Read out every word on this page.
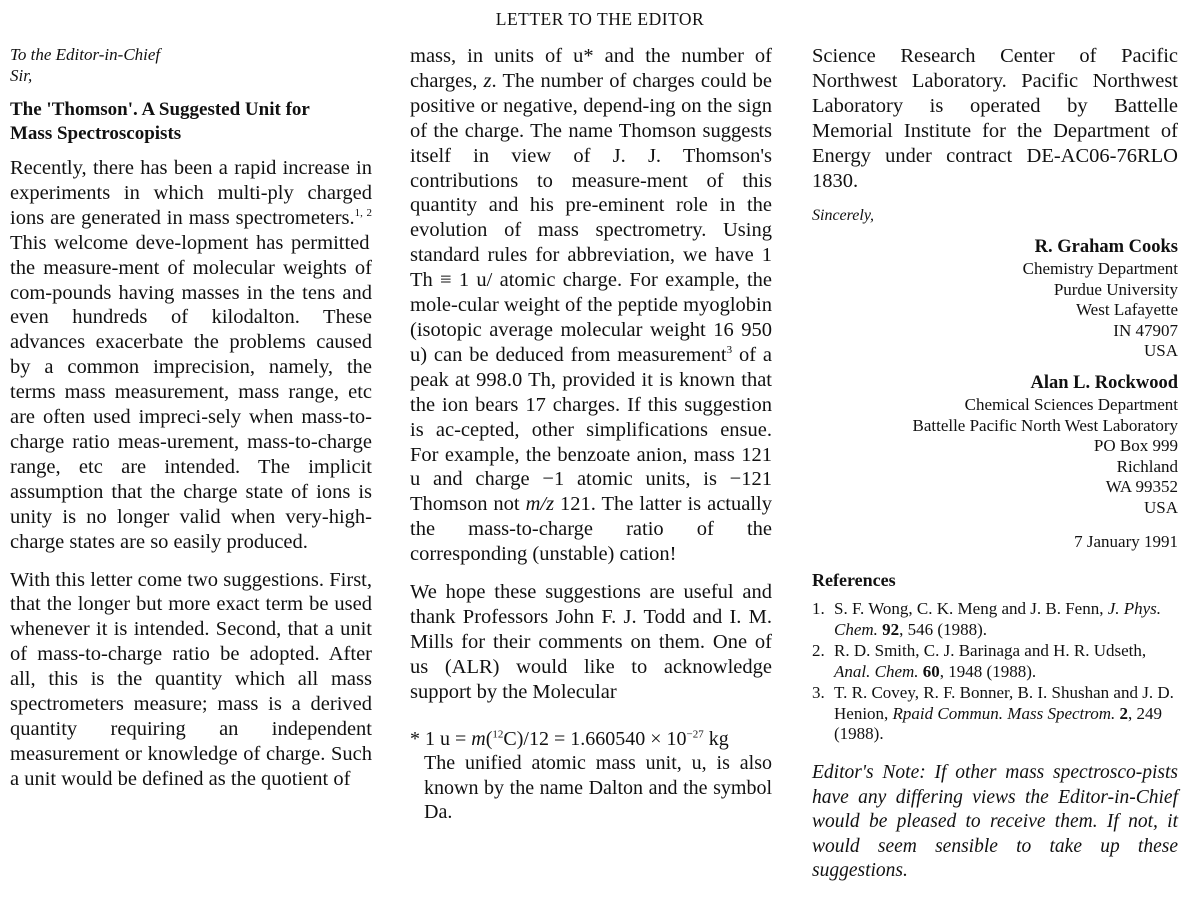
LETTER TO THE EDITOR

To the Editor-in-Chief

Sir,

The 'Thomson'. A Suggested Unit for
Mass Spectroscopists

Recently, there has been a rapid increase in experiments in which multi-ply charged ions are generated in mass spectrometers.$^{1, 2}$ This welcome deve-lopment has permitted the measure-ment of molecular weights of com-pounds having masses in the tens and even hundreds of kilodalton. These advances exacerbate the problems caused by a common imprecision, namely, the terms mass measurement, mass range, etc are often used impreci-sely when mass-to-charge ratio meas-urement, mass-to-charge range, etc are intended. The implicit assumption that the charge state of ions is unity is no longer valid when very-high-charge states are so easily produced.

With this letter come two suggestions. First, that the longer but more exact term be used whenever it is intended. Second, that a unit of mass-to-charge ratio be adopted. After all, this is the quantity which all mass spectrometers measure; mass is a derived quantity requiring an independent measurement or knowledge of charge. Such a unit would be defined as the quotient of

mass, in units of u* and the number of charges, z. The number of charges could be positive or negative, depend-ing on the sign of the charge. The name Thomson suggests itself in view of J. J. Thomson's contributions to measure-ment of this quantity and his pre-eminent role in the evolution of mass spectrometry. Using standard rules for abbreviation, we have 1 Th ≡ 1 u/ atomic charge. For example, the mole-cular weight of the peptide myoglobin (isotopic average molecular weight 16 950 u) can be deduced from measurement$^3$ of a peak at 998.0 Th, provided it is known that the ion bears 17 charges. If this suggestion is ac-cepted, other simplifications ensue. For example, the benzoate anion, mass 121 u and charge −1 atomic units, is −121 Thomson not m/z 121. The latter is actually the mass-to-charge ratio of the corresponding (unstable) cation!

We hope these suggestions are useful and thank Professors John F. J. Todd and I. M. Mills for their comments on them. One of us (ALR) would like to acknowledge support by the Molecular

* 1 $u = m(^{12}C)/12 = 1.660540 \times 10^{-27}$ kg
The unified atomic mass unit, u, is also known by the name Dalton and the symbol Da.

Science Research Center of Pacific Northwest Laboratory. Pacific Northwest Laboratory is operated by Battelle Memorial Institute for the Department of Energy under contract DE-AC06-76RLO 1830.

Sincerely,
R. Graham Cooks
Chemistry Department
Purdue University
West Lafayette
IN 47907
USA
Alan L. Rockwood
Chemical Sciences Department
Battelle Pacific North West Laboratory
PO Box 999
Richland
WA 99352
USA
7 January 1991
References
1. S. F. Wong, C. K. Meng and J. B. Fenn, J. Phys. Chem. 92, 546 (1988).
2. R. D. Smith, C. J. Barinaga and H. R. Udseth, Anal. Chem. 60, 1948 (1988).
3. T. R. Covey, R. F. Bonner, B. I. Shushan and J. D. Henion, Rpaid Commun. Mass Spectrom. 2, 249 (1988).

Editor's Note: If other mass spectrosco-pists have any differing views the Editor-in-Chief would be pleased to receive them. If not, it would seem sensible to take up these suggestions.
